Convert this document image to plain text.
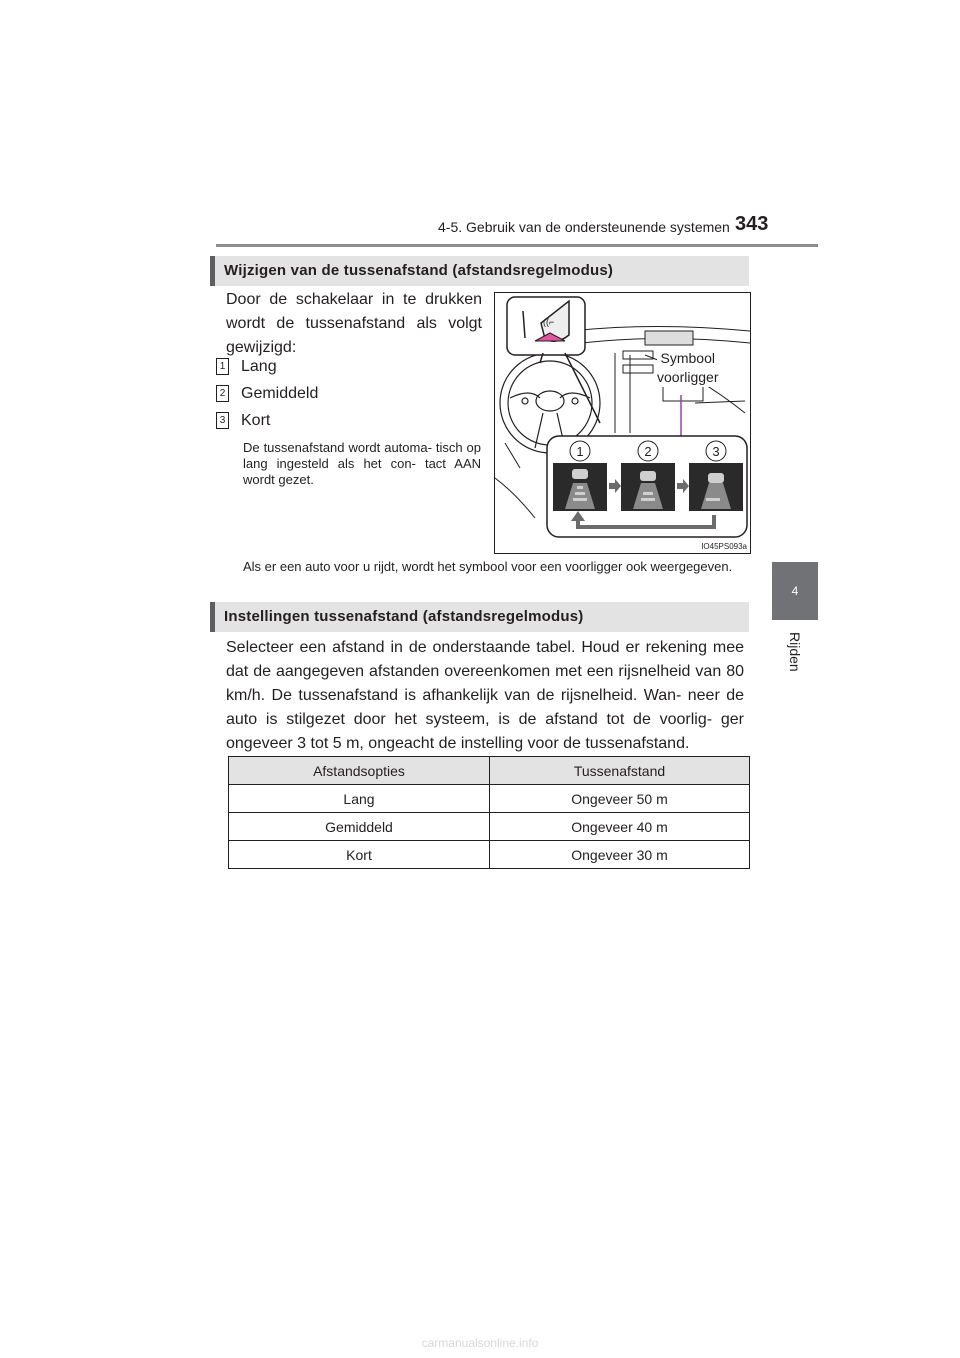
4-5. Gebruik van de ondersteunende systemen 343
4
Rijden
Wijzigen van de tussenafstand (afstandsregelmodus)
Door de schakelaar in te drukken wordt de tussenafstand als volgt gewijzigd:
1 Lang
2 Gemiddeld
3 Kort
De tussenafstand wordt automa- tisch op lang ingesteld als het con- tact AAN wordt gezet.
((⌐
1	2	3
IO45PS093a
Symbool
voorligger
Als er een auto voor u rijdt, wordt het symbool voor een voorligger ook weergegeven.
Instellingen tussenafstand (afstandsregelmodus)
Selecteer een afstand in de onderstaande tabel. Houd er rekening mee dat de aangegeven afstanden overeenkomen met een rijsnelheid van 80 km/h. De tussenafstand is afhankelijk van de rijsnelheid. Wan- neer de auto is stilgezet door het systeem, is de afstand tot de voorlig- ger ongeveer 3 tot 5 m, ongeacht de instelling voor de tussenafstand.
Afstandsopties	Tussenafstand
Lang	Ongeveer 50 m
Gemiddeld	Ongeveer 40 m
Kort	Ongeveer 30 m
carmanualsonline.info
